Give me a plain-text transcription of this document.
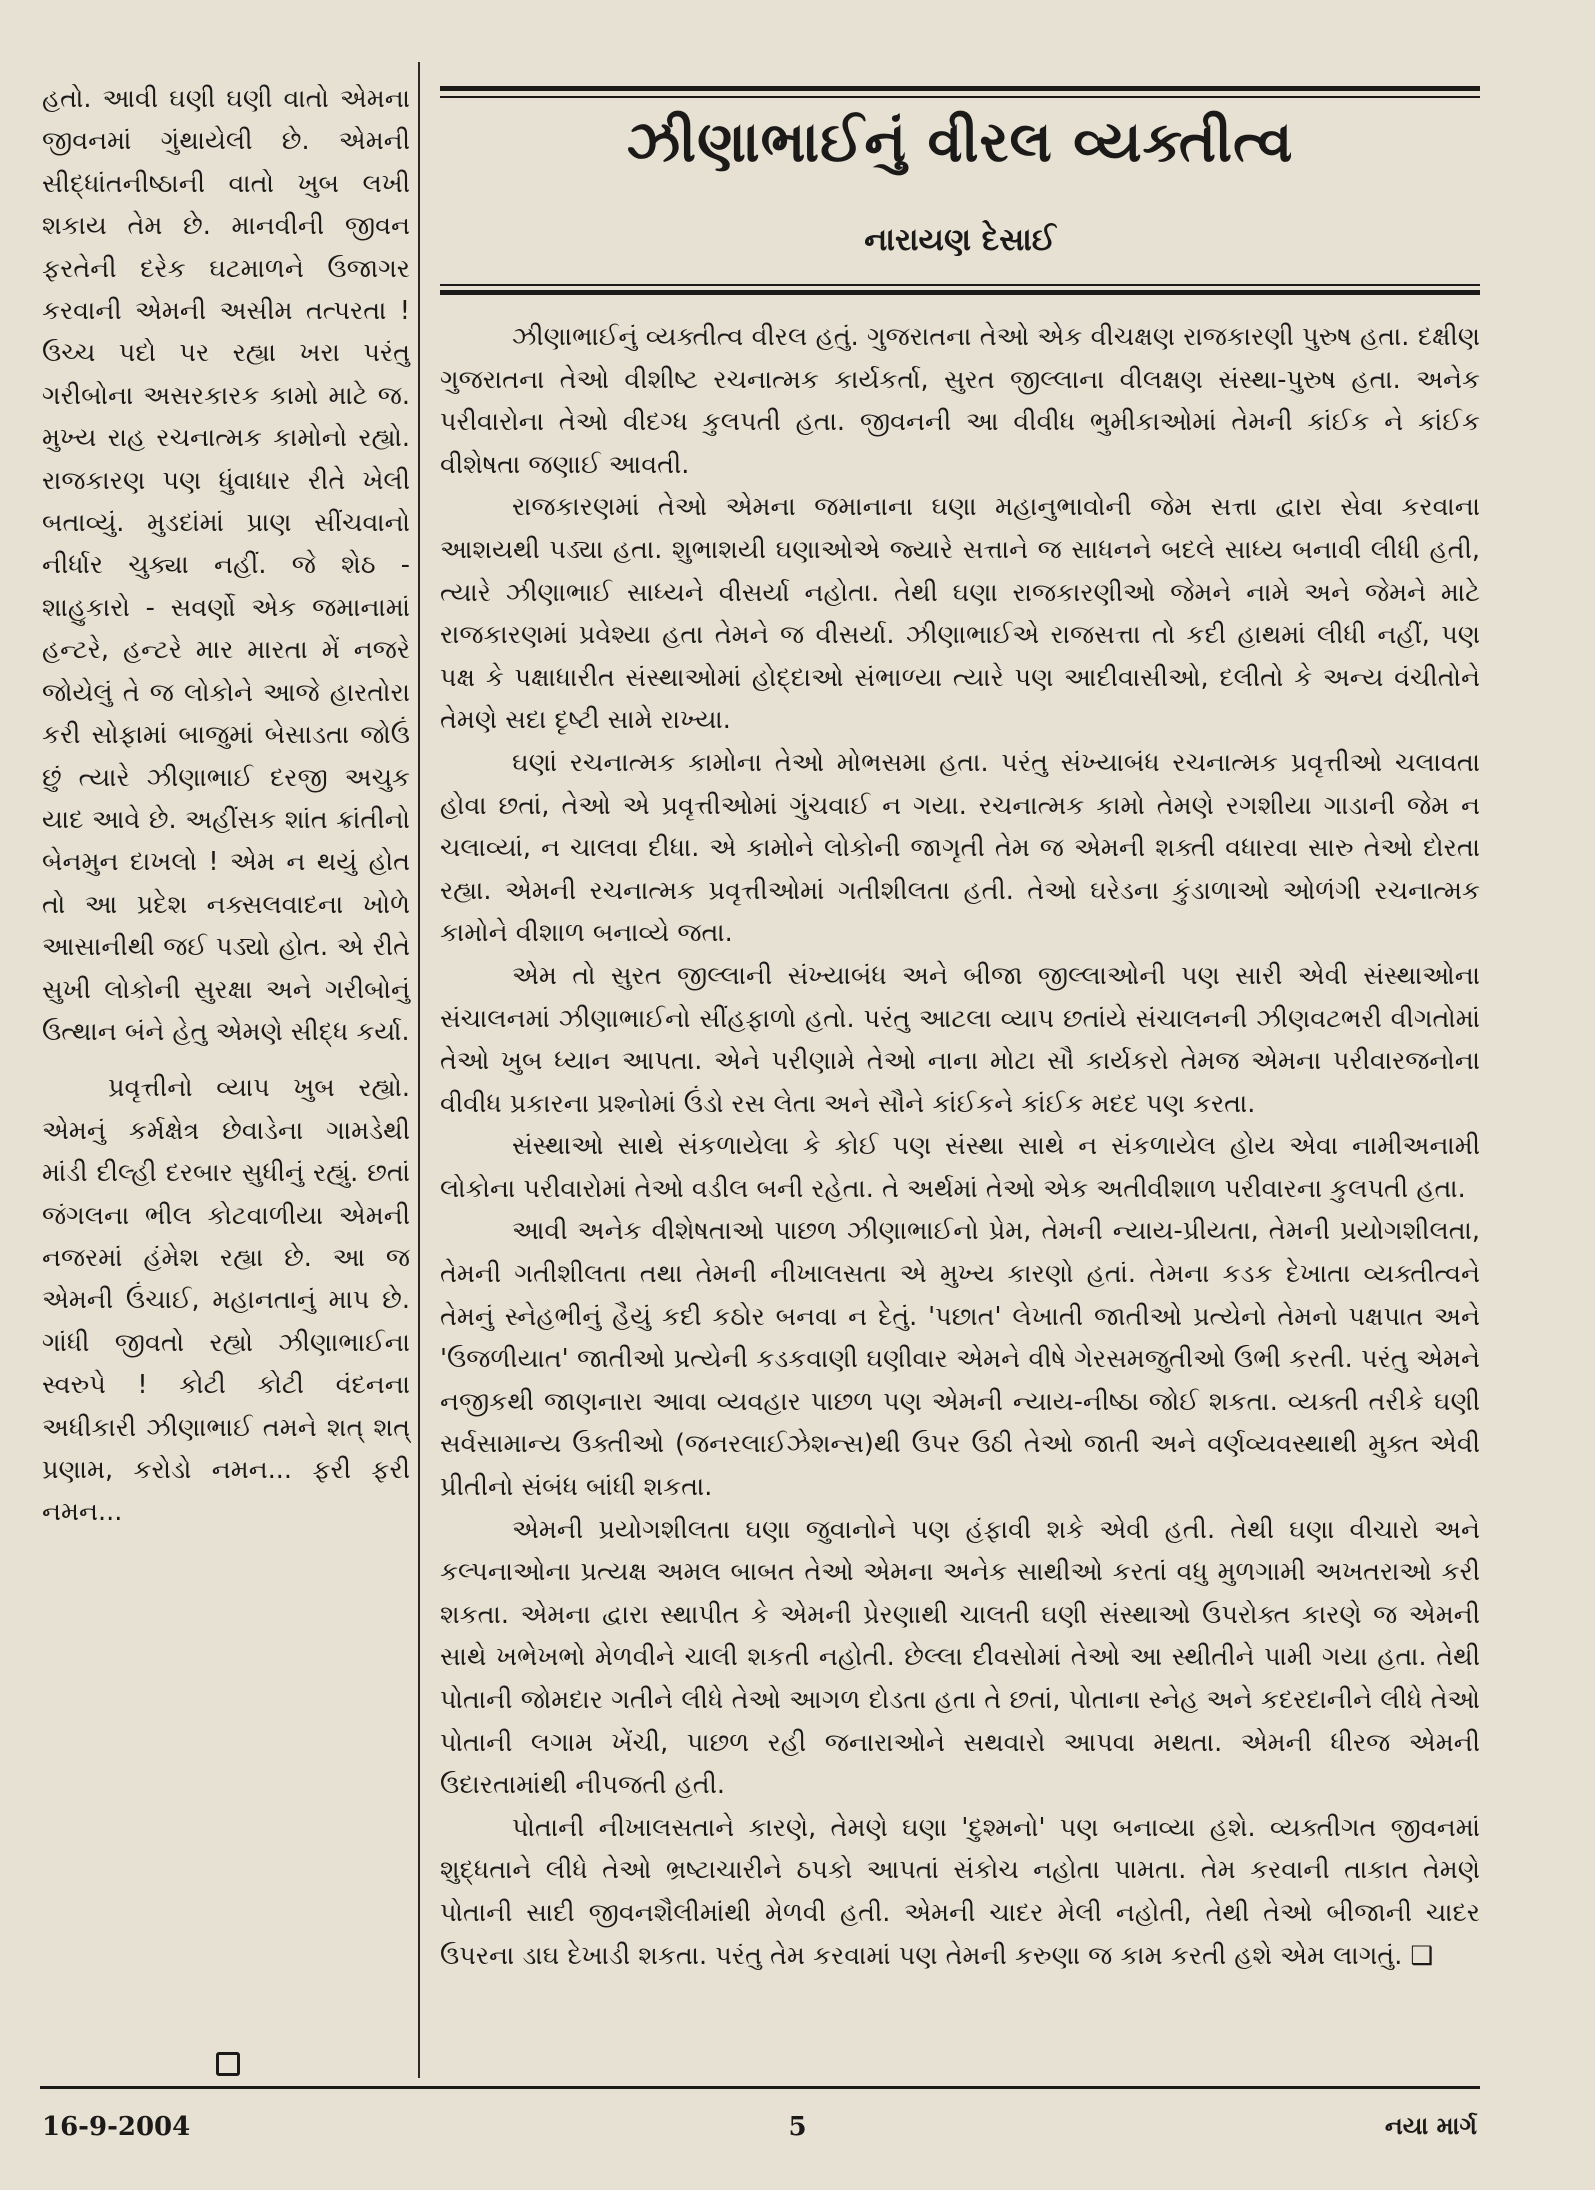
હતો. આવી ઘણી ઘણી વાતો એમના જીવનમાં ગુંથાયેલી છે. એમની સીદ્ધાંતનીષ્ઠાની વાતો ખુબ લખી શકાય તેમ છે. માનવીની જીવન ફરતેની દરેક ઘટમાળને ઉજાગર કરવાની એમની અસીમ તત્પરતા ! ઉચ્ચ પદો પર રહ્યા ખરા પરંતુ ગરીબોના અસરકારક કામો માટે જ. મુખ્ય રાહ રચનાત્મક કામોનો રહ્યો. રાજકારણ પણ ધુંવાધાર રીતે ખેલી બતાવ્યું. મુડદાંમાં પ્રાણ સીંચવાનો નીર્ધાર ચુક્યા નહીં. જે શેઠ - શાહુકારો - સવર્ણો એક જમાનામાં હન્ટરે, હન્ટરે માર મારતા મેં નજરે જોયેલું તે જ લોકોને આજે હારતોરા કરી સોફામાં બાજુમાં બેસાડતા જોઉં છું ત્યારે ઝીણાભાઈ દરજી અચુક યાદ આવે છે. અહીંસક શાંત ક્રાંતીનો બેનમુન દાખલો ! એમ ન થયું હોત તો આ પ્રદેશ નક્સલવાદના ખોળે આસાનીથી જઈ પડ્યો હોત. એ રીતે સુખી લોકોની સુરક્ષા અને ગરીબોનું ઉત્થાન બંને હેતુ એમણે સીદ્ધ કર્યા.

પ્રવૃત્તીનો વ્યાપ ખુબ રહ્યો. એમનું કર્મક્ષેત્ર છેવાડેના ગામડેથી માંડી દીલ્હી દરબાર સુધીનું રહ્યું. છતાં જંગલના ભીલ કોટવાળીયા એમની નજરમાં હંમેશ રહ્યા છે. આ જ એમની ઉંચાઈ, મહાનતાનું માપ છે. ગાંધી જીવતો રહ્યો ઝીણાભાઈના સ્વરુપે ! કોટી કોટી વંદનના અધીકારી ઝીણાભાઈ તમને શત્ શત્ પ્રણામ, કરોડો નમન... ફરી ફરી નમન...

ઝીણાભાઈનું વીરલ વ્યક્તીત્વ
નારાયણ દેસાઈ

ઝીણાભાઈનું વ્યક્તીત્વ વીરલ હતું. ગુજરાતના તેઓ એક વીચક્ષણ રાજકારણી પુરુષ હતા. દક્ષીણ ગુજરાતના તેઓ વીશીષ્ટ રચનાત્મક કાર્યકર્તા, સુરત જીલ્લાના વીલક્ષણ સંસ્થા-પુરુષ હતા. અનેક પરીવારોના તેઓ વીદગ્ધ કુલપતી હતા. જીવનની આ વીવીધ ભુમીકાઓમાં તેમની કાંઈક ને કાંઈક વીશેષતા જણાઈ આવતી.

રાજકારણમાં તેઓ એમના જમાનાના ઘણા મહાનુભાવોની જેમ સત્તા દ્વારા સેવા કરવાના આશયથી પડ્યા હતા. શુભાશયી ઘણાઓએ જ્યારે સત્તાને જ સાધનને બદલે સાધ્ય બનાવી લીધી હતી, ત્યારે ઝીણાભાઈ સાધ્યને વીસર્યા નહોતા. તેથી ઘણા રાજકારણીઓ જેમને નામે અને જેમને માટે રાજકારણમાં પ્રવેશ્યા હતા તેમને જ વીસર્યા. ઝીણાભાઈએ રાજસત્તા તો કદી હાથમાં લીધી નહીં, પણ પક્ષ કે પક્ષાધારીત સંસ્થાઓમાં હોદ્દાઓ સંભાળ્યા ત્યારે પણ આદીવાસીઓ, દલીતો કે અન્ય વંચીતોને તેમણે સદા દૃષ્ટી સામે રાખ્યા.

ઘણાં રચનાત્મક કામોના તેઓ મોભસમા હતા. પરંતુ સંખ્યાબંધ રચનાત્મક પ્રવૃત્તીઓ ચલાવતા હોવા છતાં, તેઓ એ પ્રવૃત્તીઓમાં ગુંચવાઈ ન ગયા. રચનાત્મક કામો તેમણે રગશીયા ગાડાની જેમ ન ચલાવ્યાં, ન ચાલવા દીધા. એ કામોને લોકોની જાગૃતી તેમ જ એમની શક્તી વધારવા સારુ તેઓ દોરતા રહ્યા. એમની રચનાત્મક પ્રવૃત્તીઓમાં ગતીશીલતા હતી. તેઓ ઘરેડના કુંડાળાઓ ઓળંગી રચનાત્મક કામોને વીશાળ બનાવ્યે જતા.

એમ તો સુરત જીલ્લાની સંખ્યાબંધ અને બીજા જીલ્લાઓની પણ સારી એવી સંસ્થાઓના સંચાલનમાં ઝીણાભાઈનો સીંહફાળો હતો. પરંતુ આટલા વ્યાપ છતાંયે સંચાલનની ઝીણવટભરી વીગતોમાં તેઓ ખુબ ધ્યાન આપતા. એને પરીણામે તેઓ નાના મોટા સૌ કાર્યકરો તેમજ એમના પરીવારજનોના વીવીધ પ્રકારના પ્રશ્નોમાં ઉંડો રસ લેતા અને સૌને કાંઈકને કાંઈક મદદ પણ કરતા.

સંસ્થાઓ સાથે સંકળાયેલા કે કોઈ પણ સંસ્થા સાથે ન સંકળાયેલ હોય એવા નામીઅનામી લોકોના પરીવારોમાં તેઓ વડીલ બની રહેતા. તે અર્થમાં તેઓ એક અતીવીશાળ પરીવારના કુલપતી હતા.

આવી અનેક વીશેષતાઓ પાછળ ઝીણાભાઈનો પ્રેમ, તેમની ન્યાય-પ્રીયતા, તેમની પ્રયોગશીલતા, તેમની ગતીશીલતા તથા તેમની નીખાલસતા એ મુખ્ય કારણો હતાં. તેમના કડક દેખાતા વ્યક્તીત્વને તેમનું સ્નેહભીનું હૈયું કદી કઠોર બનવા ન દેતું. 'પછાત' લેખાતી જાતીઓ પ્રત્યેનો તેમનો પક્ષપાત અને 'ઉજળીયાત' જાતીઓ પ્રત્યેની કડકવાણી ઘણીવાર એમને વીષે ગેરસમજુતીઓ ઉભી કરતી. પરંતુ એમને નજીકથી જાણનારા આવા વ્યવહાર પાછળ પણ એમની ન્યાય-નીષ્ઠા જોઈ શકતા. વ્યક્તી તરીકે ઘણી સર્વસામાન્ય ઉક્તીઓ (જનરલાઈઝેશન્સ)થી ઉપર ઉઠી તેઓ જાતી અને વર્ણવ્યવસ્થાથી મુક્ત એવી પ્રીતીનો સંબંધ બાંધી શકતા.

એમની પ્રયોગશીલતા ઘણા જુવાનોને પણ હંફાવી શકે એવી હતી. તેથી ઘણા વીચારો અને કલ્પનાઓના પ્રત્યક્ષ અમલ બાબત તેઓ એમના અનેક સાથીઓ કરતાં વધુ મુળગામી અખતરાઓ કરી શકતા. એમના દ્વારા સ્થાપીત કે એમની પ્રેરણાથી ચાલતી ઘણી સંસ્થાઓ ઉપરોક્ત કારણે જ એમની સાથે ખભેખભો મેળવીને ચાલી શકતી નહોતી. છેલ્લા દીવસોમાં તેઓ આ સ્થીતીને પામી ગયા હતા. તેથી પોતાની જોમદાર ગતીને લીધે તેઓ આગળ દોડતા હતા તે છતાં, પોતાના સ્નેહ અને કદરદાનીને લીધે તેઓ પોતાની લગામ ખેંચી, પાછળ રહી જનારાઓને સથવારો આપવા મથતા. એમની ધીરજ એમની ઉદારતામાંથી નીપજતી હતી.

પોતાની નીખાલસતાને કારણે, તેમણે ઘણા 'દુશ્મનો' પણ બનાવ્યા હશે. વ્યક્તીગત જીવનમાં શુદ્ધતાને લીધે તેઓ ભ્રષ્ટાચારીને ઠપકો આપતાં સંકોચ નહોતા પામતા. તેમ કરવાની તાકાત તેમણે પોતાની સાદી જીવનશૈલીમાંથી મેળવી હતી. એમની ચાદર મેલી નહોતી, તેથી તેઓ બીજાની ચાદર ઉપરના ડાઘ દેખાડી શકતા. પરંતુ તેમ કરવામાં પણ તેમની કરુણા જ કામ કરતી હશે એમ લાગતું. ❑

16-9-2004	5	નયા માર્ગ
